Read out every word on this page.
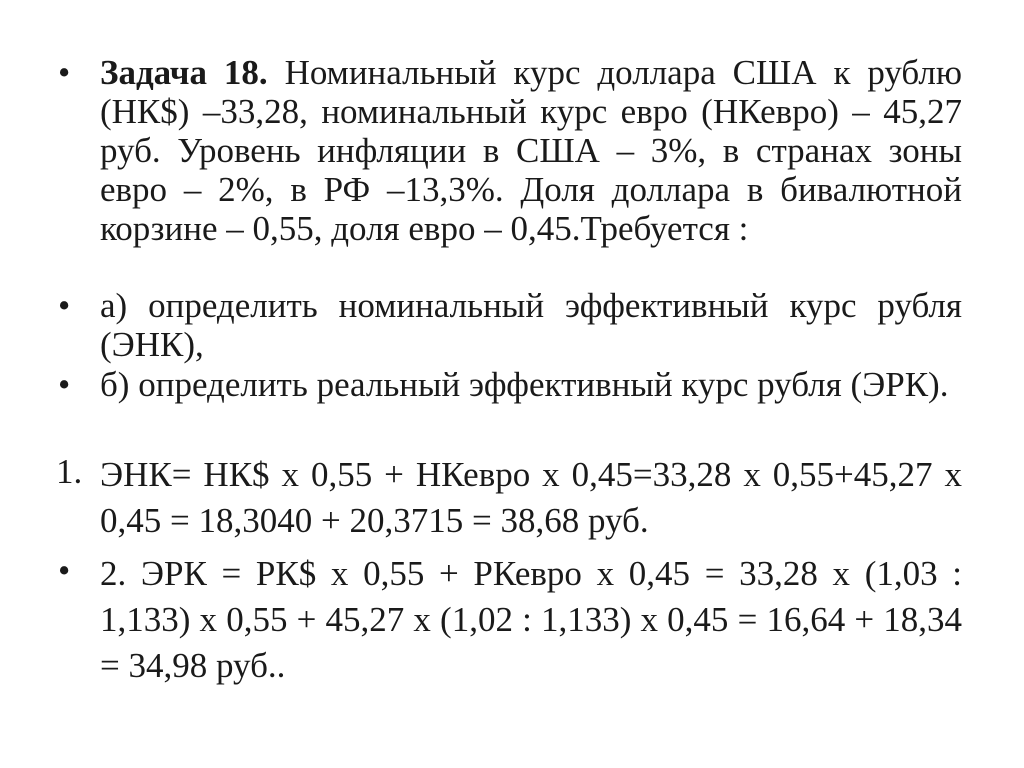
• Задача 18. Номинальный курс доллара США к рублю (НК$) –33,28, номинальный курс евро (НКевро) – 45,27 руб. Уровень инфляции в США – 3%, в странах зоны евро – 2%, в РФ –13,3%. Доля доллара в бивалютной корзине – 0,55, доля евро – 0,45.Требуется :
• а) определить номинальный эффективный курс рубля (ЭНК),
• б) определить реальный эффективный курс рубля (ЭРК).
1. ЭНК= НК$ х 0,55 + НКевро х 0,45=33,28 х 0,55+45,27 х 0,45 = 18,3040 + 20,3715 = 38,68 руб.
• 2. ЭРК = РК$ х 0,55 + РКевро х 0,45 = 33,28 х (1,03 : 1,133) х 0,55 + 45,27 х (1,02 : 1,133) х 0,45 = 16,64 + 18,34 = 34,98 руб..
